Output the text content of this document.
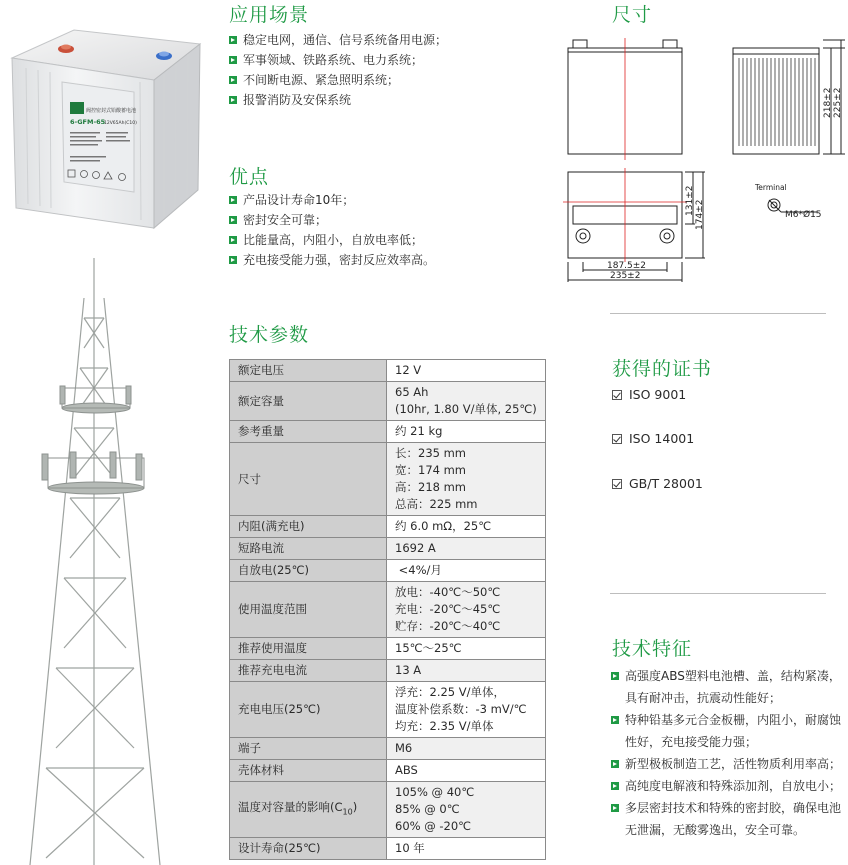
阀控密封式铅酸蓄电池
6-GFM-65
12V65Ah(C10)
应用场景
稳定电网，通信、信号系统备用电源；
军事领域、铁路系统、电力系统；
不间断电源、紧急照明系统；
报警消防及安保系统
优点
产品设计寿命10年；
密封安全可靠；
比能量高，内阻小，自放电率低；
充电接受能力强，密封反应效率高。
尺寸
218±2 225±2
131±2 174±2
187.5±2
235±2
Terminal
M6*Ø15
技术参数
额定电压	12 V

额定容量	65 Ah
(10hr, 1.80 V/单体, 25℃)

参考重量	约 21 kg

尺寸	长：235 mm
宽：174 mm
高：218 mm
总高：225 mm

内阻(满充电)	约 6.0 mΩ，25℃

短路电流	1692 A

自放电(25℃)	<4%/月

使用温度范围	放电：-40℃～50℃
充电：-20℃～45℃
贮存：-20℃～40℃

推荐使用温度	15℃～25℃

推荐充电电流	13 A

充电电压(25℃)	浮充：2.25 V/单体，
温度补偿系数：-3 mV/℃
均充：2.35 V/单体

端子	M6

壳体材料	ABS

温度对容量的影响$(C_{10})$	105% @ 40℃
85% @ 0℃
60% @ -20℃

设计寿命(25℃)	10 年
获得的证书
ISO 9001
ISO 14001
GB/T 28001
技术特征
高强度ABS塑料电池槽、盖，结构紧凑，具有耐冲击，抗震动性能好；
特种铅基多元合金板栅，内阻小，耐腐蚀性好，充电接受能力强；
新型极板制造工艺，活性物质利用率高；
高纯度电解液和特殊添加剂，自放电小；
多层密封技术和特殊的密封胶，确保电池无泄漏，无酸雾逸出，安全可靠。
